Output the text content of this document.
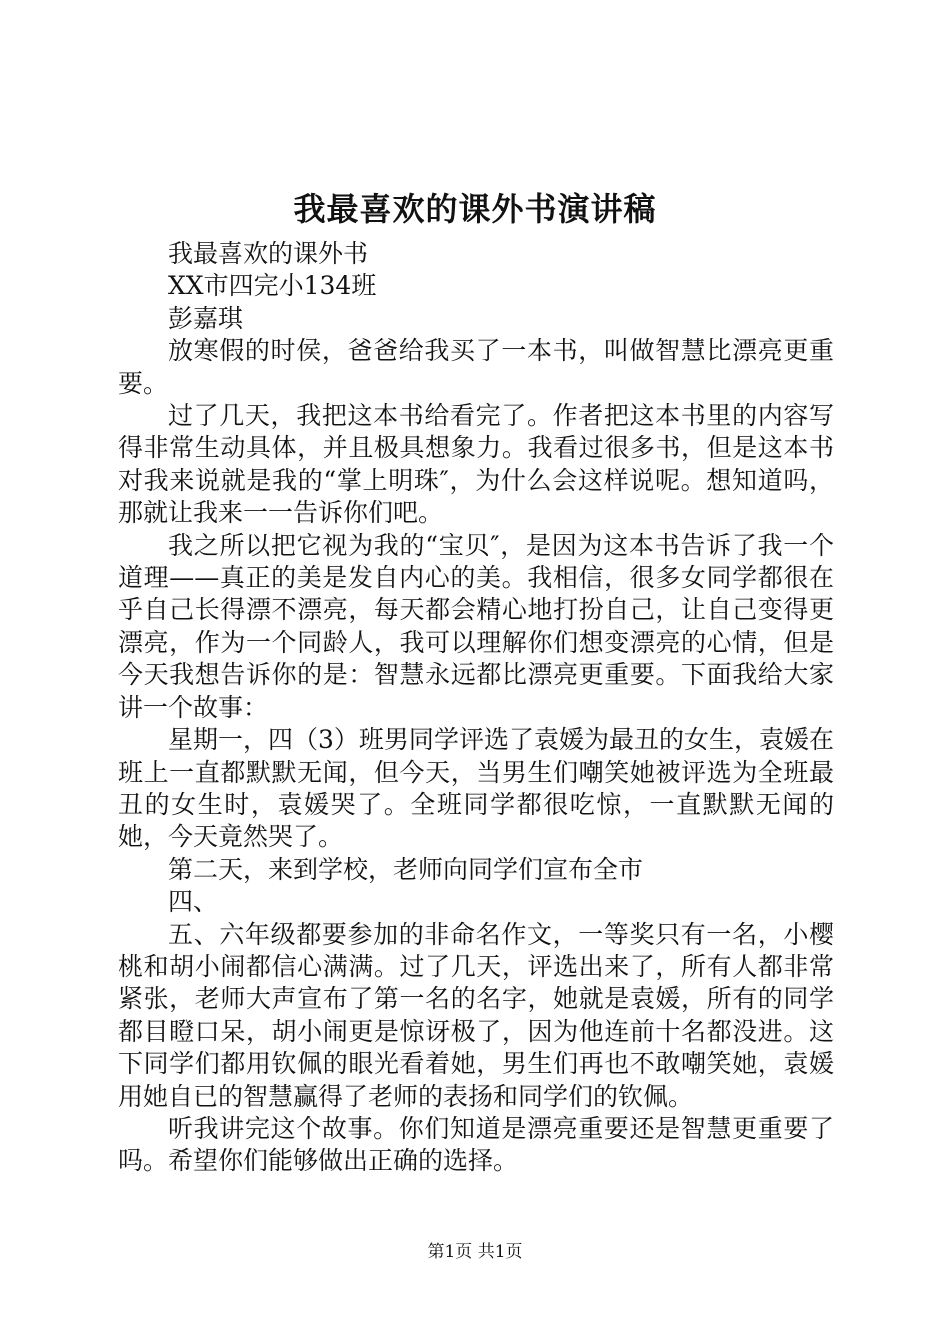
我最喜欢的课外书演讲稿

我最喜欢的课外书

XX市四完小134班

彭嘉琪

放寒假的时侯，爸爸给我买了一本书，叫做智慧比漂亮更重要。

过了几天，我把这本书给看完了。作者把这本书里的内容写得非常生动具体，并且极具想象力。我看过很多书，但是这本书对我来说就是我的“掌上明珠″，为什么会这样说呢。想知道吗，那就让我来一一告诉你们吧。

我之所以把它视为我的“宝贝″，是因为这本书告诉了我一个道理——真正的美是发自内心的美。我相信，很多女同学都很在乎自己长得漂不漂亮，每天都会精心地打扮自己，让自己变得更漂亮，作为一个同龄人，我可以理解你们想变漂亮的心情，但是今天我想告诉你的是：智慧永远都比漂亮更重要。下面我给大家讲一个故事：

星期一，四（3）班男同学评选了袁媛为最丑的女生，袁媛在班上一直都默默无闻，但今天，当男生们嘲笑她被评选为全班最丑的女生时，袁媛哭了。全班同学都很吃惊，一直默默无闻的她，今天竟然哭了。

第二天，来到学校，老师向同学们宣布全市

四、

五、六年级都要参加的非命名作文，一等奖只有一名，小樱桃和胡小闹都信心满满。过了几天，评选出来了，所有人都非常紧张，老师大声宣布了第一名的名字，她就是袁媛，所有的同学都目瞪口呆，胡小闹更是惊讶极了，因为他连前十名都没进。这下同学们都用钦佩的眼光看着她，男生们再也不敢嘲笑她，袁媛用她自已的智慧赢得了老师的表扬和同学们的钦佩。

听我讲完这个故事。你们知道是漂亮重要还是智慧更重要了吗。希望你们能够做出正确的选择。

第1页 共1页
